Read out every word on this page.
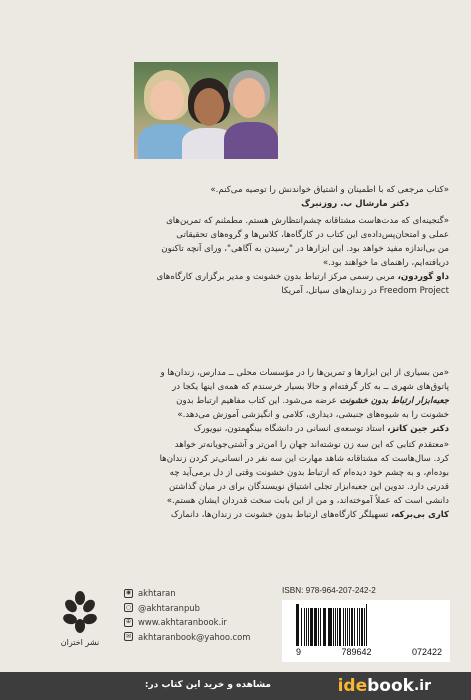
«کتاب مرجعی که با اطمینان و اشتیاق خواندنش را توصیه می‌کنم.»
دکتر مارشال ب. روزنبرگ
«گنجینه‌ای که مدت‌هاست مشتاقانه چشم‌انتظارش هستم. مطمئنم که تمرین‌های
عملی و امتحان‌پس‌داده‌ی این کتاب در کارگاه‌ها، کلاس‌ها و گروه‌های تحقیقاتی
من بی‌اندازه مفید خواهد بود. این ابزارها در "رسیدن به آگاهی"، ورای آنچه تاکنون
دریافته‌ایم، راهنمای ما خواهند بود.»
داو گوردون، مربی رسمی مرکز ارتباط بدون خشونت و مدیر برگزاری کارگاه‌های
Freedom Project در زندان‌های سیاتل، آمریکا
«من بسیاری از این ابزارها و تمرین‌ها را در مؤسسات محلی ــ مدارس، زندان‌ها و
پاتوق‌های شهری ــ به کار گرفته‌ام و حالا بسیار خرسندم که همه‌ی اینها یکجا در
جعبه‌ابزار ارتباط بدون خشونت عرضه می‌شود. این کتاب مفاهیم ارتباط بدون
خشونت را به شیوه‌های جنبشی، دیداری، کلامی و انگیزشی آموزش می‌دهد.»
دکتر جین کاتز، استاد توسعه‌ی انسانی در دانشگاه بینگهمتون، نیویورک
«معتقدم کتابی که این سه زن نوشته‌اند جهان را امن‌تر و آشتی‌جویانه‌تر خواهد
کرد. سال‌هاست که مشتاقانه شاهد مهارت این سه نفر در انسانی‌تر کردن زندان‌ها
بوده‌ام، و به چشم خود دیده‌ام که ارتباط بدون خشونت وقتی از دل برمی‌آید چه
قدرتی دارد. تدوین این جعبه‌ابزار تجلی اشتیاق نویسندگان برای در میان گذاشتن
دانشی است که عملاً آموخته‌اند، و من از این بابت سخت قدردان ایشان هستم.»
کاری بی‌برکه، تسهیلگر کارگاه‌های ارتباط بدون خشونت در زندان‌ها، دانمارک
نشر اختران
◉ akhtaran
○ @akhtaranpub
⊕ www.akhtaranbook.ir
✉ akhtaranbook@yahoo.com
ISBN: 978-964-207-242-2
9	789642	072422
مشاهده و خرید این کتاب در:	ide book .ir
